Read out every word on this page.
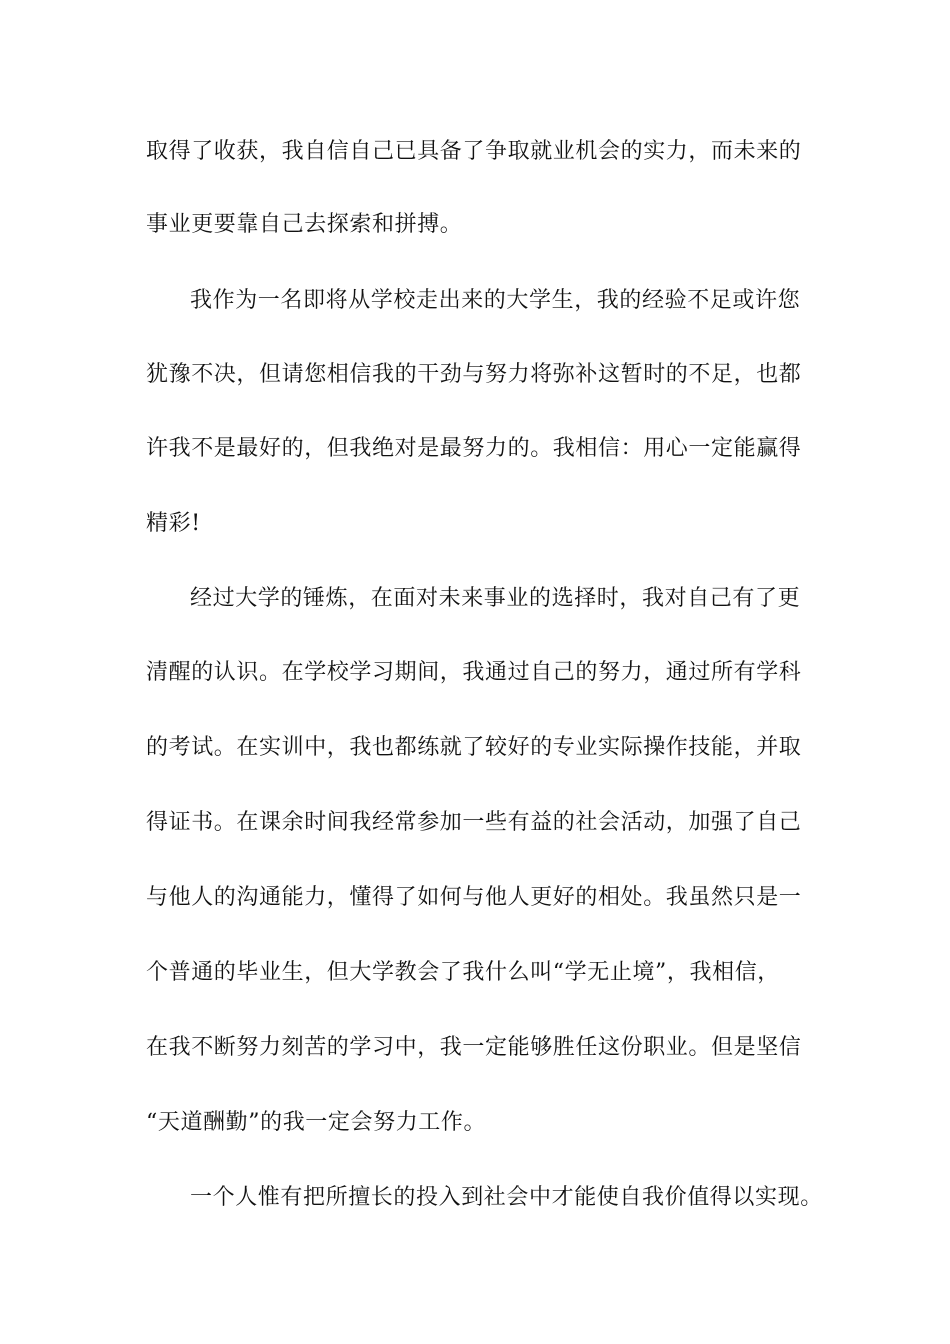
取得了收获，我自信自己已具备了争取就业机会的实力，而未来的
事业更要靠自己去探索和拼搏。
我作为一名即将从学校走出来的大学生，我的经验不足或许您
犹豫不决，但请您相信我的干劲与努力将弥补这暂时的不足，也都
许我不是最好的，但我绝对是最努力的。我相信：用心一定能赢得
精彩!
经过大学的锤炼，在面对未来事业的选择时，我对自己有了更
清醒的认识。在学校学习期间，我通过自己的努力，通过所有学科
的考试。在实训中，我也都练就了较好的专业实际操作技能，并取
得证书。在课余时间我经常参加一些有益的社会活动，加强了自己
与他人的沟通能力，懂得了如何与他人更好的相处。我虽然只是一
个普通的毕业生，但大学教会了我什么叫“学无止境”，我相信，
在我不断努力刻苦的学习中，我一定能够胜任这份职业。但是坚信
“天道酬勤”的我一定会努力工作。
一个人惟有把所擅长的投入到社会中才能使自我价值得以实现。
